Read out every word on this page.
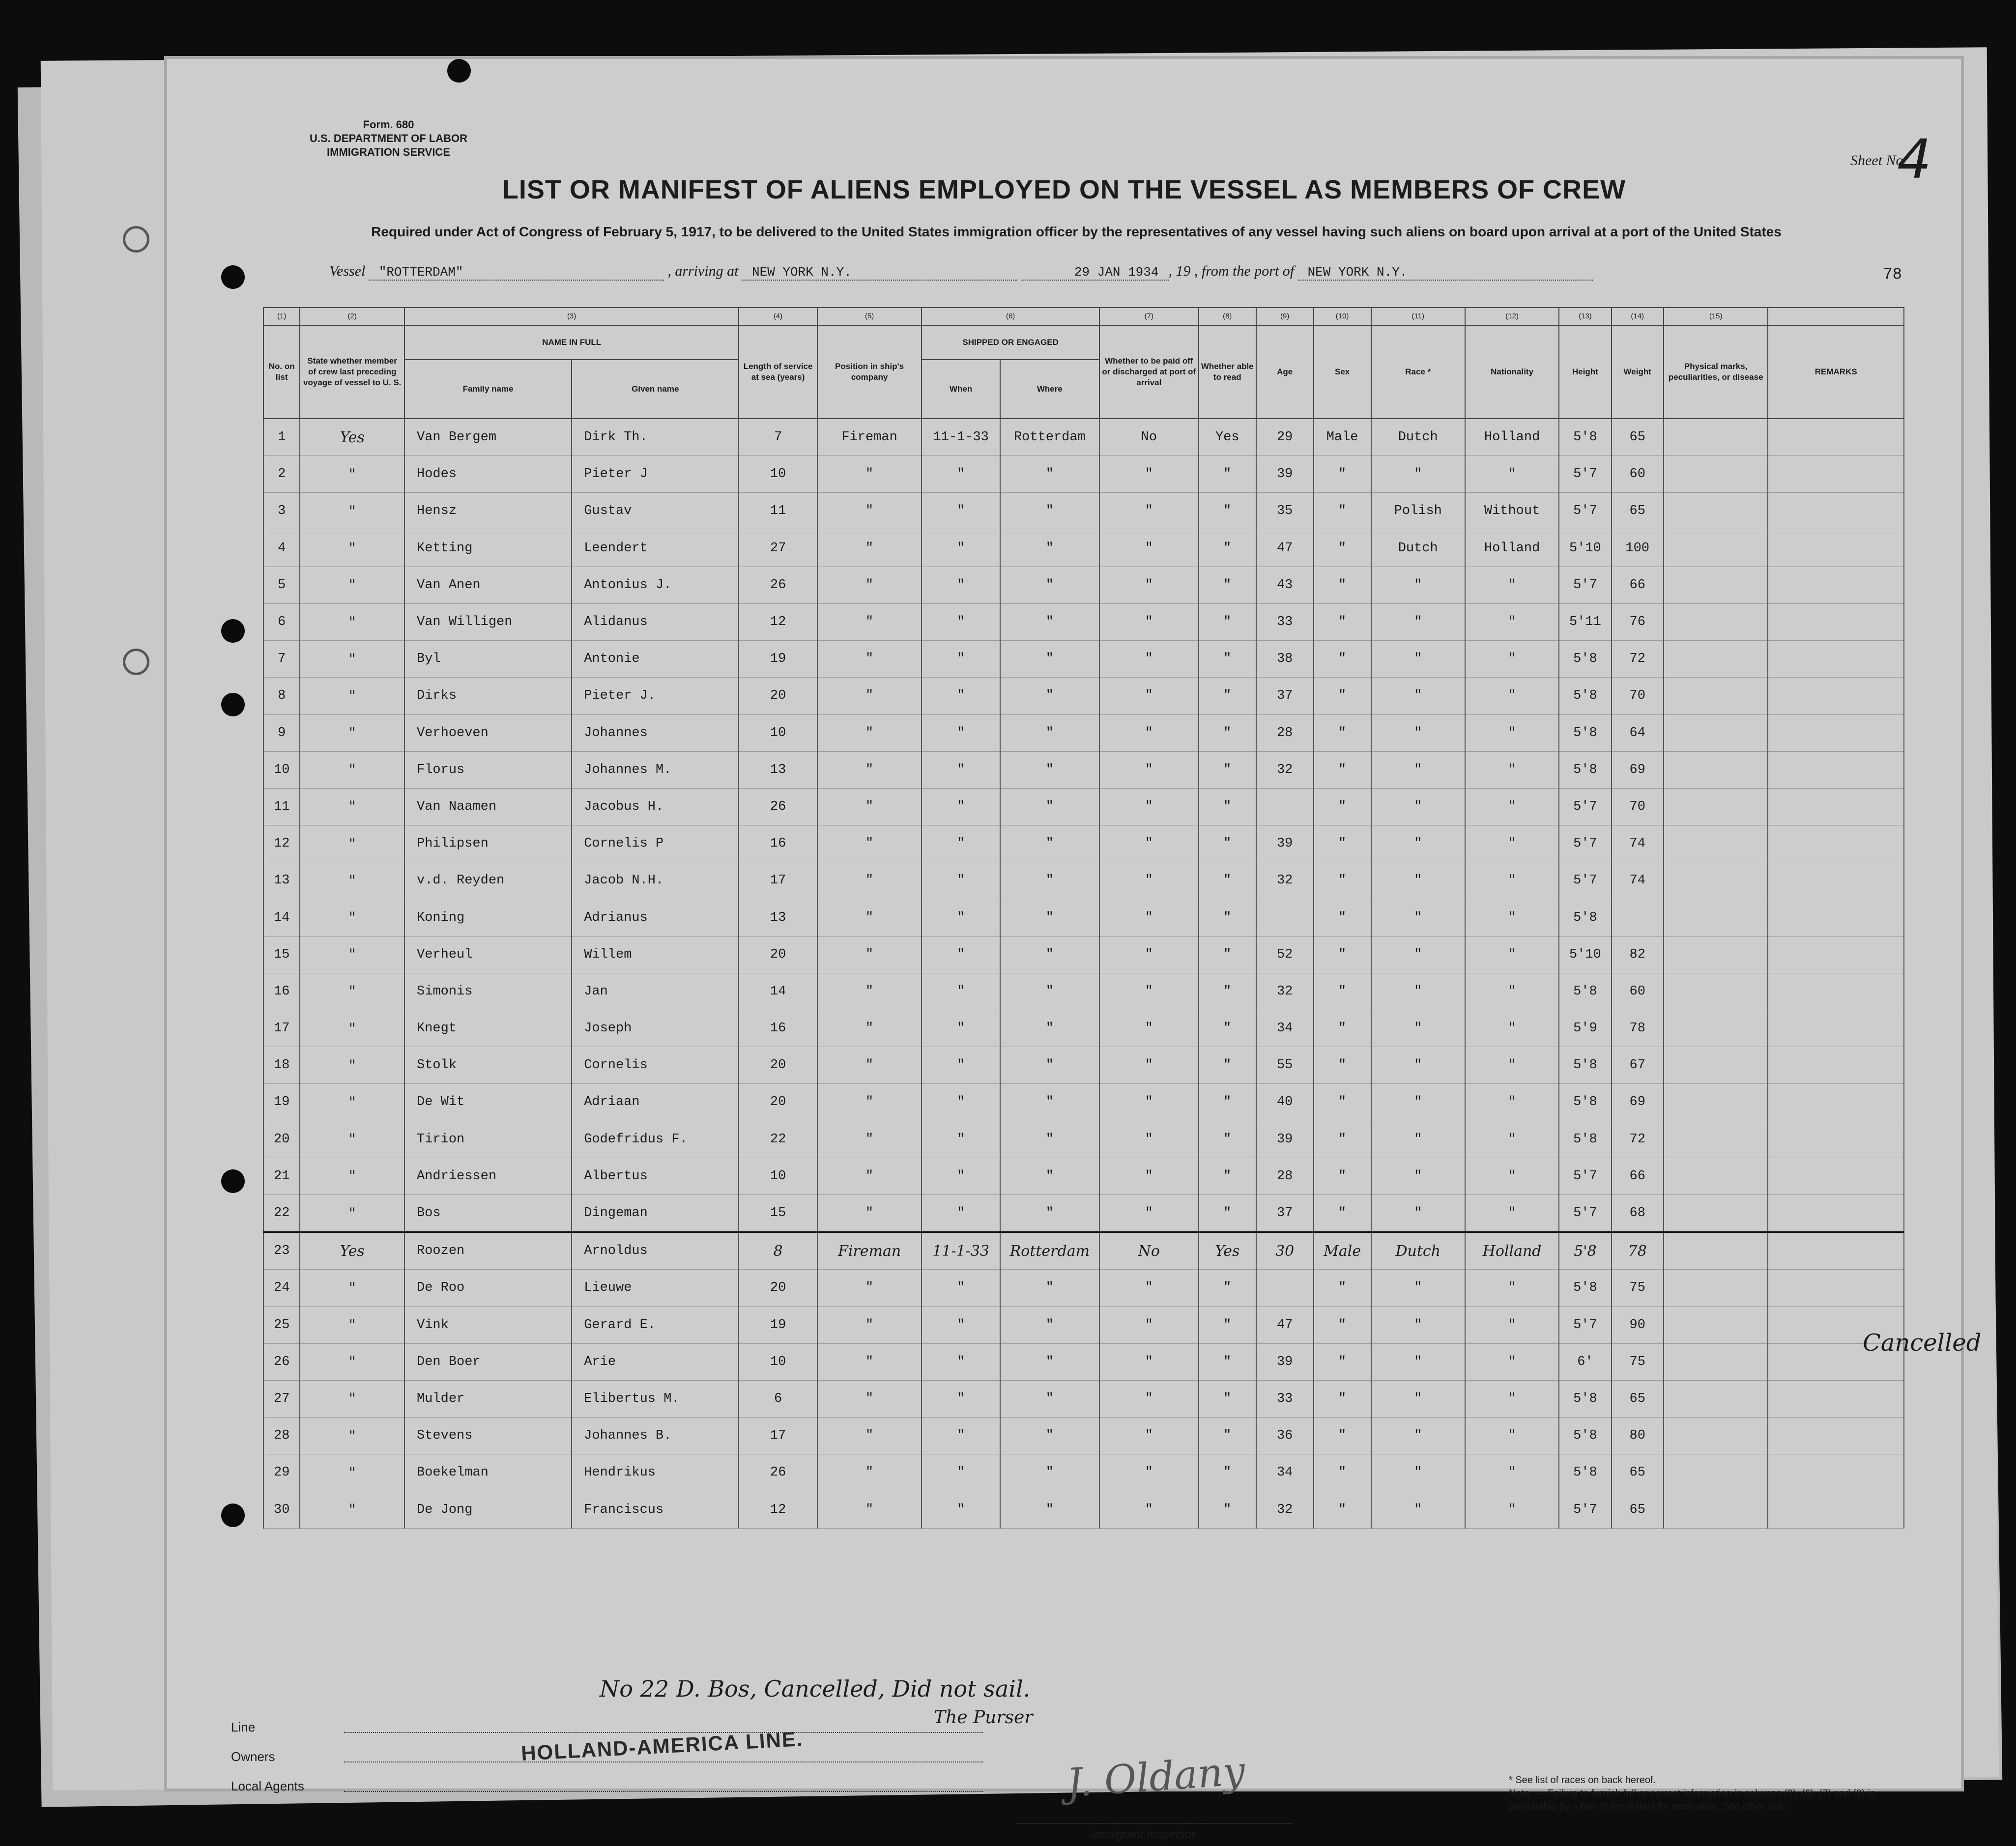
Form. 680
U.S. DEPARTMENT OF LABOR
IMMIGRATION SERVICE
Sheet No.
4
LIST OR MANIFEST OF ALIENS EMPLOYED ON THE VESSEL AS MEMBERS OF CREW
Required under Act of Congress of February 5, 1917, to be delivered to the United States immigration officer by the representatives of any vessel having such aliens on board upon arrival at a port of the United States
Vessel "ROTTERDAM"	, arriving at NEW YORK N.Y.	29 JAN 1934 , 19 , from the port of NEW YORK N.Y.	78
(1)	(2)	(3)		(4)	(5)	(6)		(7)	(8)	(9)	(10)	(11)	(12)	(13)	(14)	(15)	
No. on list	State whether member of crew last preceding voyage of vessel to U. S.	NAME IN FULL		Length of service at sea (years)	Position in ship's company	SHIPPED OR ENGAGED		Whether to be paid off or discharged at port of arrival	Whether able to read	Age	Sex	Race *	Nationality	Height	Weight	Physical marks, peculiarities, or disease	REMARKS
		Family name	Given name			When	Where										
1	Yes	Van Bergem	Dirk Th.	7	Fireman	11-1-33	Rotterdam	No	Yes	29	Male	Dutch	Holland	5'8	65		
2	"	Hodes	Pieter J	10	"	"	"	"	"	39	"	"	"	5'7	60		
3	"	Hensz	Gustav	11	"	"	"	"	"	35	"	Polish	Without	5'7	65		
4	"	Ketting	Leendert	27	"	"	"	"	"	47	"	Dutch	Holland	5'10	100		
5	"	Van Anen	Antonius J.	26	"	"	"	"	"	43	"	"	"	5'7	66		
6	"	Van Willigen	Alidanus	12	"	"	"	"	"	33	"	"	"	5'11	76		
7	"	Byl	Antonie	19	"	"	"	"	"	38	"	"	"	5'8	72		
8	"	Dirks	Pieter J.	20	"	"	"	"	"	37	"	"	"	5'8	70		
9	"	Verhoeven	Johannes	10	"	"	"	"	"	28	"	"	"	5'8	64		
10	"	Florus	Johannes M.	13	"	"	"	"	"	32	"	"	"	5'8	69		
11	"	Van Naamen	Jacobus H.	26	"	"	"	"	"		"	"	"	5'7	70		
12	"	Philipsen	Cornelis P	16	"	"	"	"	"	39	"	"	"	5'7	74		
13	"	v.d. Reyden	Jacob N.H.	17	"	"	"	"	"	32	"	"	"	5'7	74		
14	"	Koning	Adrianus	13	"	"	"	"	"		"	"	"	5'8			
15	"	Verheul	Willem	20	"	"	"	"	"	52	"	"	"	5'10	82		
16	"	Simonis	Jan	14	"	"	"	"	"	32	"	"	"	5'8	60		
17	"	Knegt	Joseph	16	"	"	"	"	"	34	"	"	"	5'9	78		
18	"	Stolk	Cornelis	20	"	"	"	"	"	55	"	"	"	5'8	67		
19	"	De Wit	Adriaan	20	"	"	"	"	"	40	"	"	"	5'8	69		
20	"	Tirion	Godefridus F.	22	"	"	"	"	"	39	"	"	"	5'8	72		
21	"	Andriessen	Albertus	10	"	"	"	"	"	28	"	"	"	5'7	66		
22	"	Bos	Dingeman	15	"	"	"	"	"	37	"	"	"	5'7	68		
23	Yes	Roozen	Arnoldus	8	Fireman	11-1-33	Rotterdam	No	Yes	30	Male	Dutch	Holland	5'8	78		
24	"	De Roo	Lieuwe	20	"	"	"	"	"		"	"	"	5'8	75		
25	"	Vink	Gerard E.	19	"	"	"	"	"	47	"	"	"	5'7	90		
26	"	Den Boer	Arie	10	"	"	"	"	"	39	"	"	"	6'	75		
27	"	Mulder	Elibertus M.	6	"	"	"	"	"	33	"	"	"	5'8	65		
28	"	Stevens	Johannes B.	17	"	"	"	"	"	36	"	"	"	5'8	80		
29	"	Boekelman	Hendrikus	26	"	"	"	"	"	34	"	"	"	5'8	65		
30	"	De Jong	Franciscus	12	"	"	"	"	"	32	"	"	"	5'7	65		
Cancelled
No 22 D. Bos, Cancelled, Did not sail.
The Purser
Line
Owners
Local Agents
HOLLAND-AMERICA LINE.
J. Oldany
Immigrant Inspector.
* See list of races on back hereof.
Note. — Failure to furnish full or correct information in columns (3), (6), (7) and (8) is punishable by a fine of ten dollars for each alien. See other side.
